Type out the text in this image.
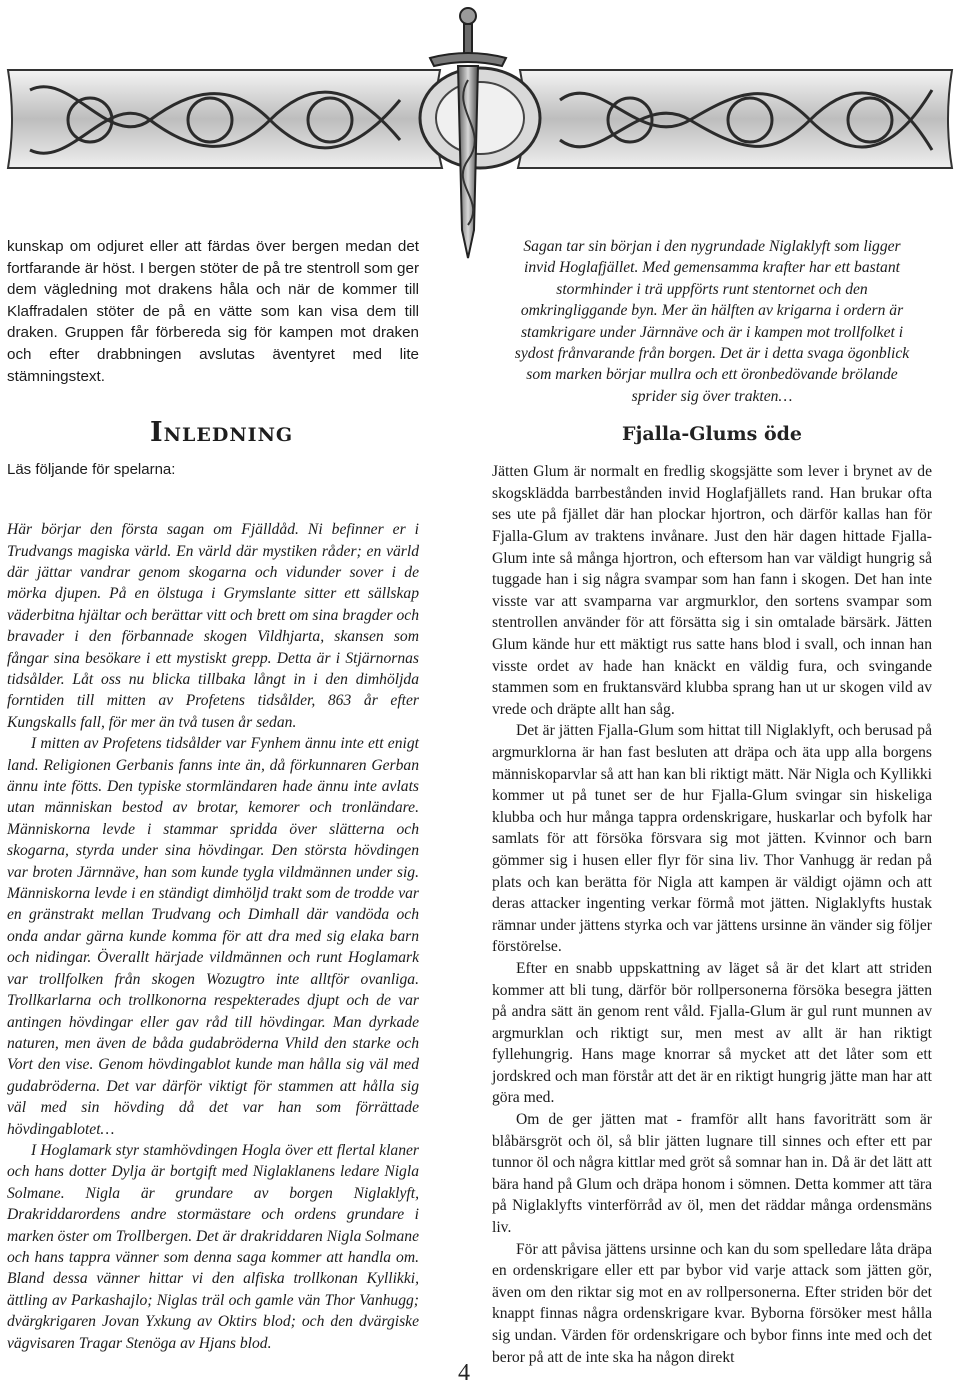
kunskap om odjuret eller att färdas över bergen medan det fortfarande är höst. I bergen stöter de på tre stentroll som ger dem vägledning mot drakens håla och när de kommer till Klaffradalen stöter de på en vätte som kan visa dem till draken. Gruppen får förbereda sig för kampen mot draken och efter drabbningen avslutas äventyret med lite stämningstext.

Inledning
Läs följande för spelarna:

Här börjar den första sagan om Fjälldåd. Ni befinner er i Trudvangs magiska värld. En värld där mystiken råder; en värld där jättar vandrar genom skogarna och vidunder sover i de mörka djupen. På en ölstuga i Grymslante sitter ett sällskap väderbitna hjältar och berättar vitt och brett om sina bragder och bravader i den förbannade skogen Vildhjarta, skansen som fångar sina besökare i ett mystiskt grepp. Detta är i Stjärnornas tidsålder. Låt oss nu blicka tillbaka långt in i den dimhöljda forntiden till mitten av Profetens tidsålder, 863 år efter Kungskalls fall, för mer än två tusen år sedan.

I mitten av Profetens tidsålder var Fynhem ännu inte ett enigt land. Religionen Gerbanis fanns inte än, då förkunnaren Gerban ännu inte fötts. Den typiske stormländaren hade ännu inte avlats utan människan bestod av brotar, kemorer och tronländare. Människorna levde i stammar spridda över slätterna och skogarna, styrda under sina hövdingar. Den största hövdingen var broten Järnnäve, han som kunde tygla vildmännen under sig. Människorna levde i en ständigt dimhöljd trakt som de trodde var en gränstrakt mellan Trudvang och Dimhall där vandöda och onda andar gärna kunde komma för att dra med sig elaka barn och nidingar. Överallt härjade vildmännen och runt Hoglamark var trollfolken från skogen Wozugtro inte alltför ovanliga. Trollkarlarna och trollkonorna respekterades djupt och de var antingen hövdingar eller gav råd till hövdingar. Man dyrkade naturen, men även de båda gudabröderna Vhild den starke och Vort den vise. Genom hövdingablot kunde man hålla sig väl med gudabröderna. Det var därför viktigt för stammen att hålla sig väl med sin hövding då det var han som förrättade hövdingablotet…

I Hoglamark styr stamhövdingen Hogla över ett flertal klaner och hans dotter Dylja är bortgift med Niglaklanens ledare Nigla Solmane. Nigla är grundare av borgen Niglaklyft, Drakriddarordens andre stormästare och ordens grundare i marken öster om Trollbergen. Det är drakriddaren Nigla Solmane och hans tappra vänner som denna saga kommer att handla om. Bland dessa vänner hittar vi den alfiska trollkonan Kyllikki, ättling av Parkashajlo; Niglas träl och gamle vän Thor Vanhugg; dvärgkrigaren Jovan Yxkung av Oktirs blod; och den dvärgiske vägvisaren Tragar Stenöga av Hjans blod.

Sagan tar sin början i den nygrundade Niglaklyft som ligger invid Hoglafjället. Med gemensamma krafter har ett bastant stormhinder i trä uppförts runt stentornet och den omkringliggande byn. Mer än hälften av krigarna i ordern är stamkrigare under Järnnäve och är i kampen mot trollfolket i sydost frånvarande från borgen. Det är i detta svaga ögonblick som marken börjar mullra och ett öronbedövande brölande sprider sig över trakten…

Fjalla-Glums öde

Jätten Glum är normalt en fredlig skogsjätte som lever i brynet av de skogsklädda barrbestånden invid Hoglafjällets rand. Han brukar ofta ses ute på fjället där han plockar hjortron, och därför kallas han för Fjalla-Glum av traktens invånare. Just den här dagen hittade Fjalla-Glum inte så många hjortron, och eftersom han var väldigt hungrig så tuggade han i sig några svampar som han fann i skogen. Det han inte visste var att svamparna var argmurklor, den sortens svampar som stentrollen använder för att försätta sig i sin omtalade bärsärk. Jätten Glum kände hur ett mäktigt rus satte hans blod i svall, och innan han visste ordet av hade han knäckt en väldig fura, och svingande stammen som en fruktansvärd klubba sprang han ut ur skogen vild av vrede och dräpte allt han såg.

Det är jätten Fjalla-Glum som hittat till Niglaklyft, och berusad på argmurklorna är han fast besluten att dräpa och äta upp alla borgens människoparvlar så att han kan bli riktigt mätt. När Nigla och Kyllikki kommer ut på tunet ser de hur Fjalla-Glum svingar sin hiskeliga klubba och hur många tappra ordenskrigare, huskarlar och byfolk har samlats för att försöka försvara sig mot jätten. Kvinnor och barn gömmer sig i husen eller flyr för sina liv. Thor Vanhugg är redan på plats och kan berätta för Nigla att kampen är väldigt ojämn och att deras attacker ingenting verkar förmå mot jätten. Niglaklyfts hustak rämnar under jättens styrka och var jättens ursinne än vänder sig följer förstörelse.

Efter en snabb uppskattning av läget så är det klart att striden kommer att bli tung, därför bör rollpersonerna försöka besegra jätten på andra sätt än genom rent våld. Fjalla-Glum är gul runt munnen av argmurklan och riktigt sur, men mest av allt är han riktigt fyllehungrig. Hans mage knorrar så mycket att det låter som ett jordskred och man förstår att det är en riktigt hungrig jätte man har att göra med.

Om de ger jätten mat - framför allt hans favoriträtt som är blåbärsgröt och öl, så blir jätten lugnare till sinnes och efter ett par tunnor öl och några kittlar med gröt så somnar han in. Då är det lätt att bära hand på Glum och dräpa honom i sömnen. Detta kommer att tära på Niglaklyfts vinterförråd av öl, men det räddar många ordensmäns liv.

För att påvisa jättens ursinne och kan du som spelledare låta dräpa en ordenskrigare eller ett par bybor vid varje attack som jätten gör, även om den riktar sig mot en av rollpersonerna. Efter striden bör det knappt finnas några ordenskrigare kvar. Byborna försöker mest hålla sig undan. Värden för ordenskrigare och bybor finns inte med och det beror på att de inte ska ha någon direkt

4
